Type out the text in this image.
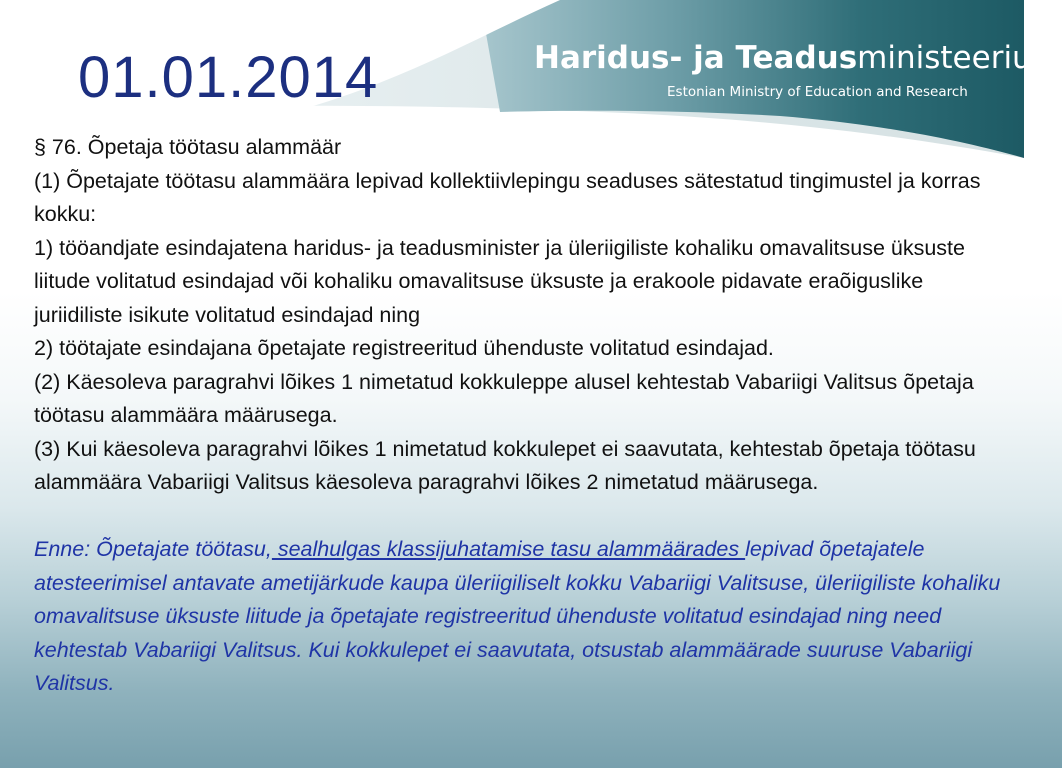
01.01.2014	Haridus- ja Teadusministeerium
Estonian Ministry of Education and Research

§ 76. Õpetaja töötasu alammäär

(1) Õpetajate töötasu alammäära lepivad kollektiivlepingu seaduses sätestatud tingimustel ja korras kokku:

1) tööandjate esindajatena haridus- ja teadusminister ja üleriigiliste kohaliku omavalitsuse üksuste liitude volitatud esindajad või kohaliku omavalitsuse üksuste ja erakoole pidavate eraõiguslike juriidiliste isikute volitatud esindajad ning

2) töötajate esindajana õpetajate registreeritud ühenduste volitatud esindajad.

(2) Käesoleva paragrahvi lõikes 1 nimetatud kokkuleppe alusel kehtestab Vabariigi Valitsus õpetaja töötasu alammäära määrusega.

(3) Kui käesoleva paragrahvi lõikes 1 nimetatud kokkulepet ei saavutata, kehtestab õpetaja töötasu alammäära Vabariigi Valitsus käesoleva paragrahvi lõikes 2 nimetatud määrusega.

Enne: Õpetajate töötasu, sealhulgas klassijuhatamise tasu alammäärades lepivad õpetajatele atesteerimisel antavate ametijärkude kaupa üleriigiliselt kokku Vabariigi Valitsuse, üleriigiliste kohaliku omavalitsuse üksuste liitude ja õpetajate registreeritud ühenduste volitatud esindajad ning need kehtestab Vabariigi Valitsus. Kui kokkulepet ei saavutata, otsustab alammäärade suuruse Vabariigi Valitsus.
